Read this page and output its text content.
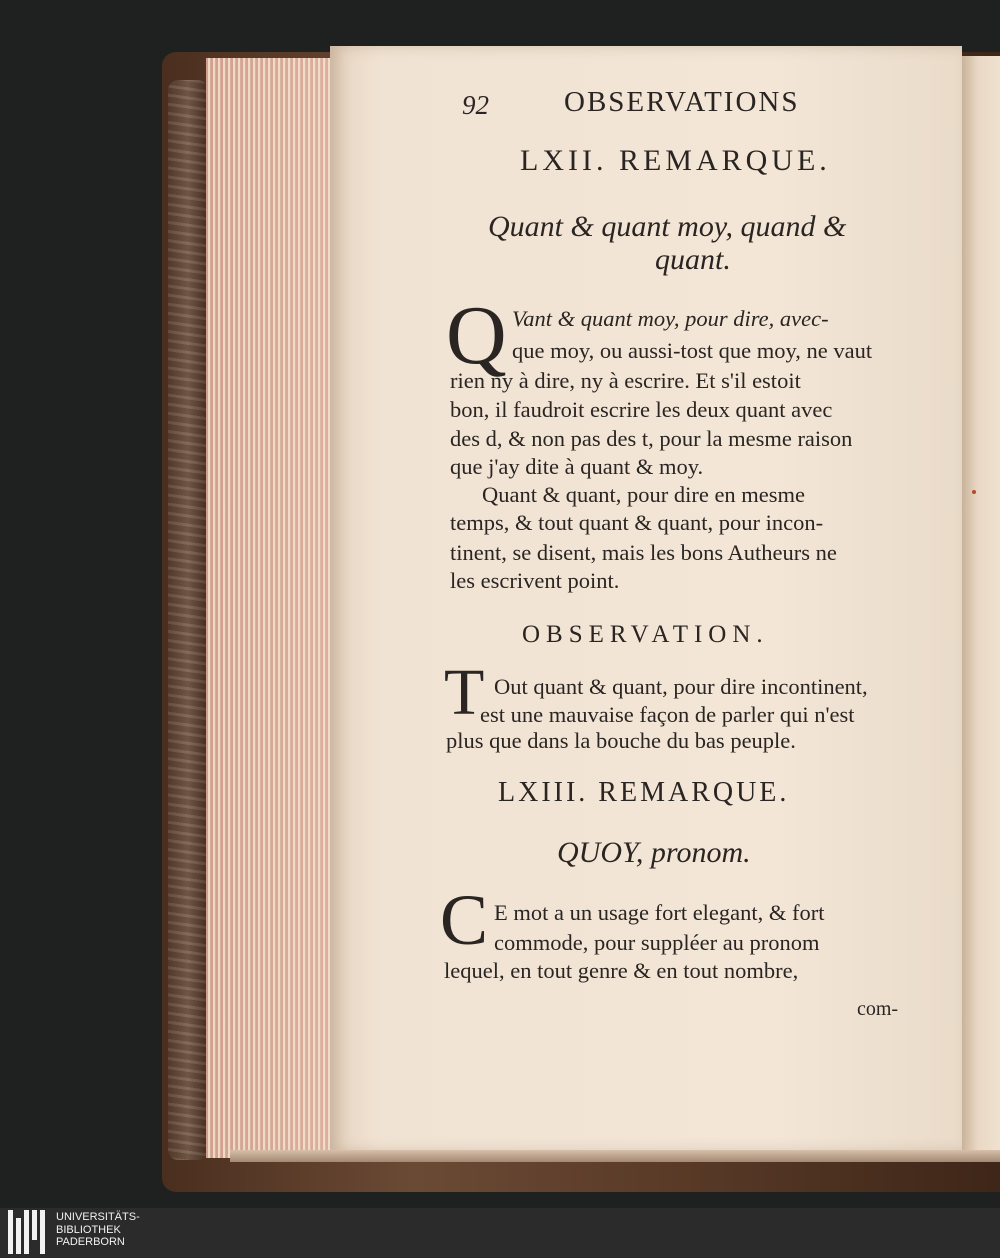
92	OBSERVATIONS
LXII. REMARQUE.
Quant & quant moy, quand &
quant.
Q Vant & quant moy, pour dire, avec-
que moy, ou aussi-tost que moy, ne vaut
rien ny à dire, ny à escrire. Et s'il estoit
bon, il faudroit escrire les deux quant avec
des d, & non pas des t, pour la mesme raison
que j'ay dite à quant & moy.
Quant & quant, pour dire en mesme
temps, & tout quant & quant, pour incon-
tinent, se disent, mais les bons Autheurs ne
les escrivent point.
OBSERVATION.
T Out quant & quant, pour dire incontinent,
est une mauvaise façon de parler qui n'est
plus que dans la bouche du bas peuple.
LXIII. REMARQUE.
QUOY, pronom.
C E mot a un usage fort elegant, & fort
commode, pour suppléer au pronom
lequel, en tout genre & en tout nombre,
com-
UNIVERSITÄTS-
BIBLIOTHEK
PADERBORN
